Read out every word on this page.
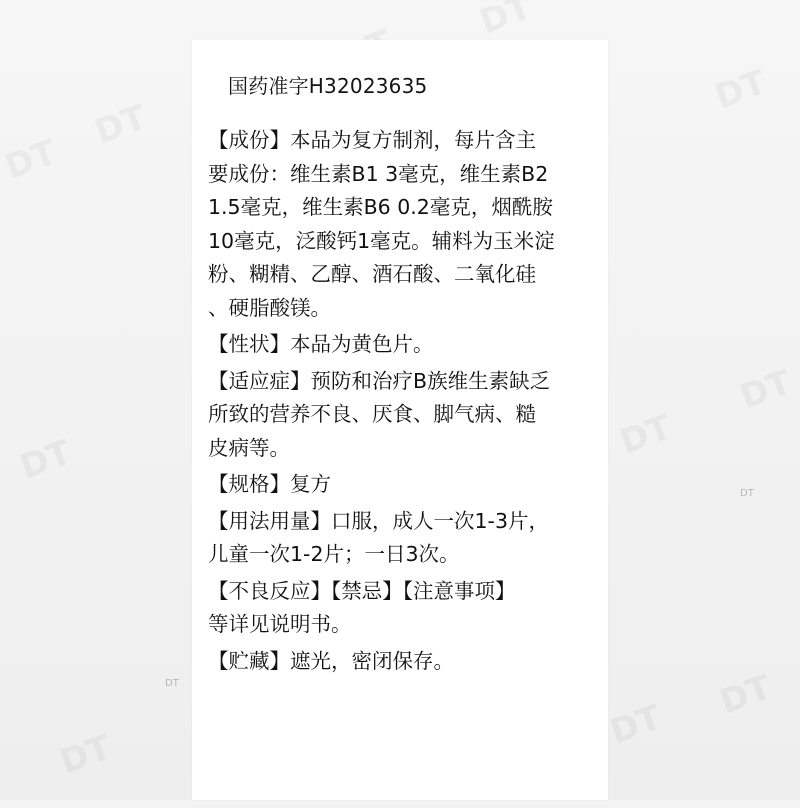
DT
DT
国药准字H32023635
【成份】本品为复方制剂，每片含主
要成份：维生素B1 3毫克，维生素B2
1.5毫克，维生素B6 0.2毫克，烟酰胺
10毫克，泛酸钙1毫克。辅料为玉米淀
粉、糊精、乙醇、酒石酸、二氧化硅
、硬脂酸镁。
【性状】本品为黄色片。
【适应症】预防和治疗B族维生素缺乏
所致的营养不良、厌食、脚气病、糙
皮病等。
【规格】复方
【用法用量】口服，成人一次1-3片，
儿童一次1-2片；一日3次。
【不良反应】【禁忌】【注意事项】
等详见说明书。
【贮藏】遮光，密闭保存。
